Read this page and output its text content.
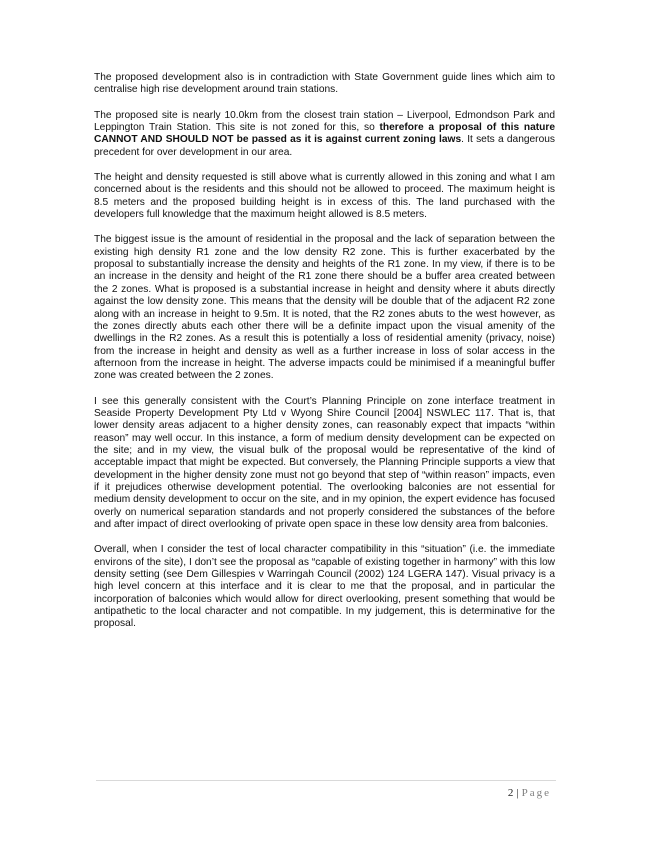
The proposed development also is in contradiction with State Government guide lines which aim to centralise high rise development around train stations.

The proposed site is nearly 10.0km from the closest train station – Liverpool, Edmondson Park and Leppington Train Station. This site is not zoned for this, so therefore a proposal of this nature CANNOT AND SHOULD NOT be passed as it is against current zoning laws. It sets a dangerous precedent for over development in our area.

The height and density requested is still above what is currently allowed in this zoning and what I am concerned about is the residents and this should not be allowed to proceed. The maximum height is 8.5 meters and the proposed building height is in excess of this. The land purchased with the developers full knowledge that the maximum height allowed is 8.5 meters.

The biggest issue is the amount of residential in the proposal and the lack of separation between the existing high density R1 zone and the low density R2 zone. This is further exacerbated by the proposal to substantially increase the density and heights of the R1 zone. In my view, if there is to be an increase in the density and height of the R1 zone there should be a buffer area created between the 2 zones. What is proposed is a substantial increase in height and density where it abuts directly against the low density zone. This means that the density will be double that of the adjacent R2 zone along with an increase in height to 9.5m. It is noted, that the R2 zones abuts to the west however, as the zones directly abuts each other there will be a definite impact upon the visual amenity of the dwellings in the R2 zones. As a result this is potentially a loss of residential amenity (privacy, noise) from the increase in height and density as well as a further increase in loss of solar access in the afternoon from the increase in height. The adverse impacts could be minimised if a meaningful buffer zone was created between the 2 zones.

I see this generally consistent with the Court’s Planning Principle on zone interface treatment in Seaside Property Development Pty Ltd v Wyong Shire Council [2004] NSWLEC 117. That is, that lower density areas adjacent to a higher density zones, can reasonably expect that impacts “within reason” may well occur. In this instance, a form of medium density development can be expected on the site; and in my view, the visual bulk of the proposal would be representative of the kind of acceptable impact that might be expected. But conversely, the Planning Principle supports a view that development in the higher density zone must not go beyond that step of “within reason” impacts, even if it prejudices otherwise development potential. The overlooking balconies are not essential for medium density development to occur on the site, and in my opinion, the expert evidence has focused overly on numerical separation standards and not properly considered the substances of the before and after impact of direct overlooking of private open space in these low density area from balconies.

Overall, when I consider the test of local character compatibility in this “situation” (i.e. the immediate environs of the site), I don’t see the proposal as “capable of existing together in harmony” with this low density setting (see Dem Gillespies v Warringah Council (2002) 124 LGERA 147). Visual privacy is a high level concern at this interface and it is clear to me that the proposal, and in particular the incorporation of balconies which would allow for direct overlooking, present something that would be antipathetic to the local character and not compatible. In my judgement, this is determinative for the proposal.

2 | Page
